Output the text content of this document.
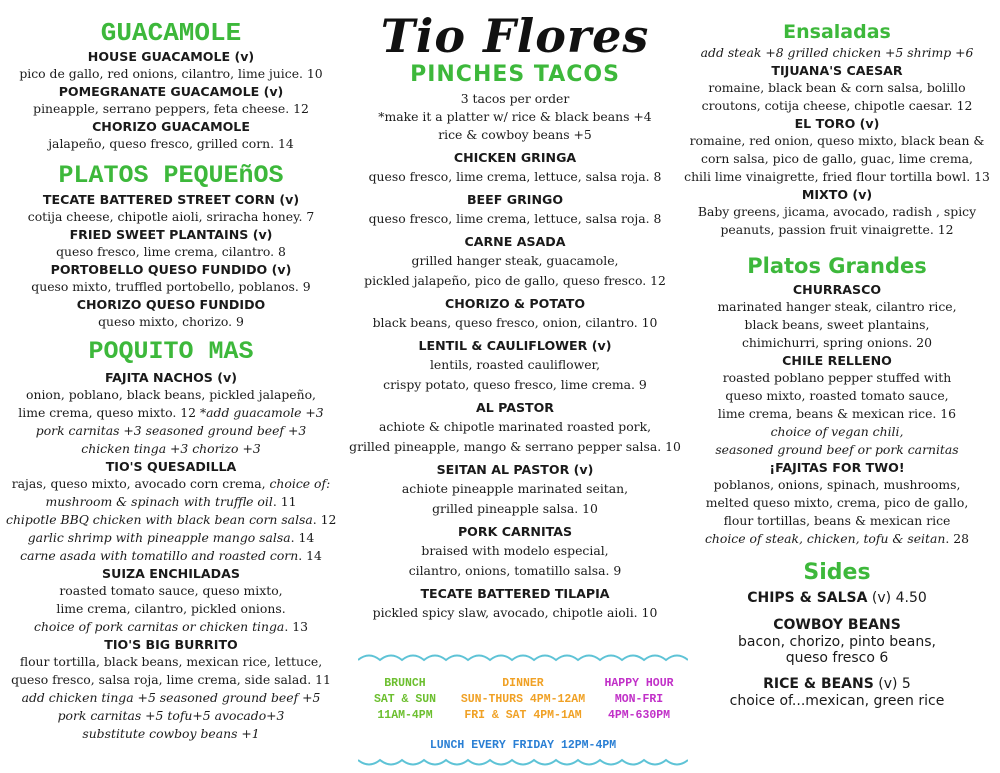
GUACAMOLE
HOUSE GUACAMOLE (v)
pico de gallo, red onions, cilantro, lime juice. 10
POMEGRANATE GUACAMOLE (v)
pineapple, serrano peppers, feta cheese. 12
CHORIZO GUACAMOLE
jalapeño, queso fresco, grilled corn. 14
PLATOS PEQUEñOS
TECATE BATTERED STREET CORN (v)
cotija cheese, chipotle aioli, sriracha honey. 7
FRIED SWEET PLANTAINS (v)
queso fresco, lime crema, cilantro. 8
PORTOBELLO QUESO FUNDIDO (v)
queso mixto, truffled portobello, poblanos. 9
CHORIZO QUESO FUNDIDO
queso mixto, chorizo. 9
POQUITO MAS
FAJITA NACHOS (v)
onion, poblano, black beans, pickled jalapeño,
lime crema, queso mixto. 12 *add guacamole +3
pork carnitas +3 seasoned ground beef +3
chicken tinga +3 chorizo +3
TIO'S QUESADILLA
rajas, queso mixto, avocado corn crema, choice of:
mushroom & spinach with truffle oil. 11
chipotle BBQ chicken with black bean corn salsa. 12
garlic shrimp with pineapple mango salsa. 14
carne asada with tomatillo and roasted corn. 14
SUIZA ENCHILADAS
roasted tomato sauce, queso mixto,
lime crema, cilantro, pickled onions.
choice of pork carnitas or chicken tinga. 13
TIO'S BIG BURRITO
flour tortilla, black beans, mexican rice, lettuce,
queso fresco, salsa roja, lime crema, side salad. 11
add chicken tinga +5 seasoned ground beef +5
pork carnitas +5 tofu+5 avocado+3
substitute cowboy beans +1
Tio Flores
PINCHES TACOS
3 tacos per order
*make it a platter w/ rice & black beans +4
rice & cowboy beans +5
CHICKEN GRINGA
queso fresco, lime crema, lettuce, salsa roja. 8
BEEF GRINGO
queso fresco, lime crema, lettuce, salsa roja. 8
CARNE ASADA
grilled hanger steak, guacamole,
pickled jalapeño, pico de gallo, queso fresco. 12
CHORIZO & POTATO
black beans, queso fresco, onion, cilantro. 10
LENTIL & CAULIFLOWER (v)
lentils, roasted cauliflower,
crispy potato, queso fresco, lime crema. 9
AL PASTOR
achiote & chipotle marinated roasted pork,
grilled pineapple, mango & serrano pepper salsa. 10
SEITAN AL PASTOR (v)
achiote pineapple marinated seitan,
grilled pineapple salsa. 10
PORK CARNITAS
braised with modelo especial,
cilantro, onions, tomatillo salsa. 9
TECATE BATTERED TILAPIA
pickled spicy slaw, avocado, chipotle aioli. 10
BRUNCH
SAT & SUN
11AM-4PM
DINNER
SUN-THURS 4PM-12AM
FRI & SAT 4PM-1AM
HAPPY HOUR
MON-FRI
4PM-630PM
LUNCH EVERY FRIDAY 12PM-4PM
Ensaladas
add steak +8 grilled chicken +5 shrimp +6
TIJUANA'S CAESAR
romaine, black bean & corn salsa, bolillo
croutons, cotija cheese, chipotle caesar. 12
EL TORO (v)
romaine, red onion, queso mixto, black bean &
corn salsa, pico de gallo, guac, lime crema,
chili lime vinaigrette, fried flour tortilla bowl. 13
MIXTO (v)
Baby greens, jicama, avocado, radish , spicy
peanuts, passion fruit vinaigrette. 12
Platos Grandes
CHURRASCO
marinated hanger steak, cilantro rice,
black beans, sweet plantains,
chimichurri, spring onions. 20
CHILE RELLENO
roasted poblano pepper stuffed with
queso mixto, roasted tomato sauce,
lime crema, beans & mexican rice. 16
choice of vegan chili,
seasoned ground beef or pork carnitas
¡FAJITAS FOR TWO!
poblanos, onions, spinach, mushrooms,
melted queso mixto, crema, pico de gallo,
flour tortillas, beans & mexican rice
choice of steak, chicken, tofu & seitan. 28
Sides
CHIPS & SALSA (v) 4.50
COWBOY BEANS
bacon, chorizo, pinto beans,
queso fresco 6
RICE & BEANS (v) 5
choice of...mexican, green rice
